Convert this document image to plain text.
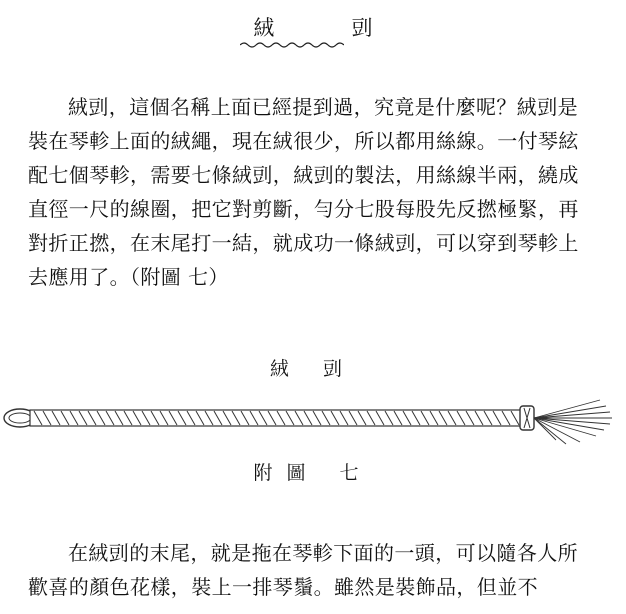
絨　剅

絨剅，這個名稱上面已經提到過，究竟是什麼呢？絨剅是裝在琴軫上面的絨繩，現在絨很少，所以都用絲線。一付琴絃配七個琴軫，需要七條絨剅，絨剅的製法，用絲線半兩，繞成直徑一尺的線圈，把它對剪斷，勻分七股每股先反撚極緊，再對折正撚，在末尾打一結，就成功一條絨剅，可以穿到琴軫上去應用了。（附圖 七）

絨 剅
附圖 七

在絨剅的末尾，就是拖在琴軫下面的一頭，可以隨各人所歡喜的顏色花樣，裝上一排琴鬚。雖然是裝飾品，但並不
